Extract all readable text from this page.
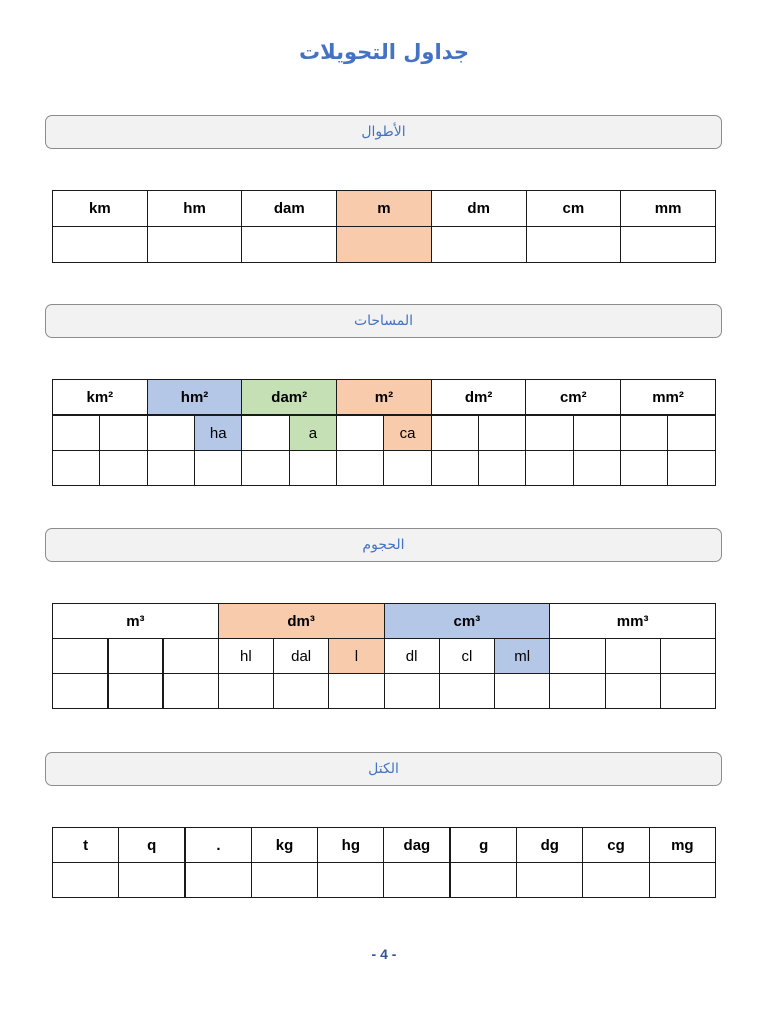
جداول التحويلات
الأطوال
km	hm	dam	m	dm	cm	mm

المساحات
km²		hm²		dam²		m²		dm²		cm²		mm²	
			ha		a		ca						

الحجوم
m³			dm³			cm³			mm³		
			hl	dal	l	dl	cl	ml			

الكتل
t	q	.	kg	hg	dag	g	dg	cg	mg

- 4 -
